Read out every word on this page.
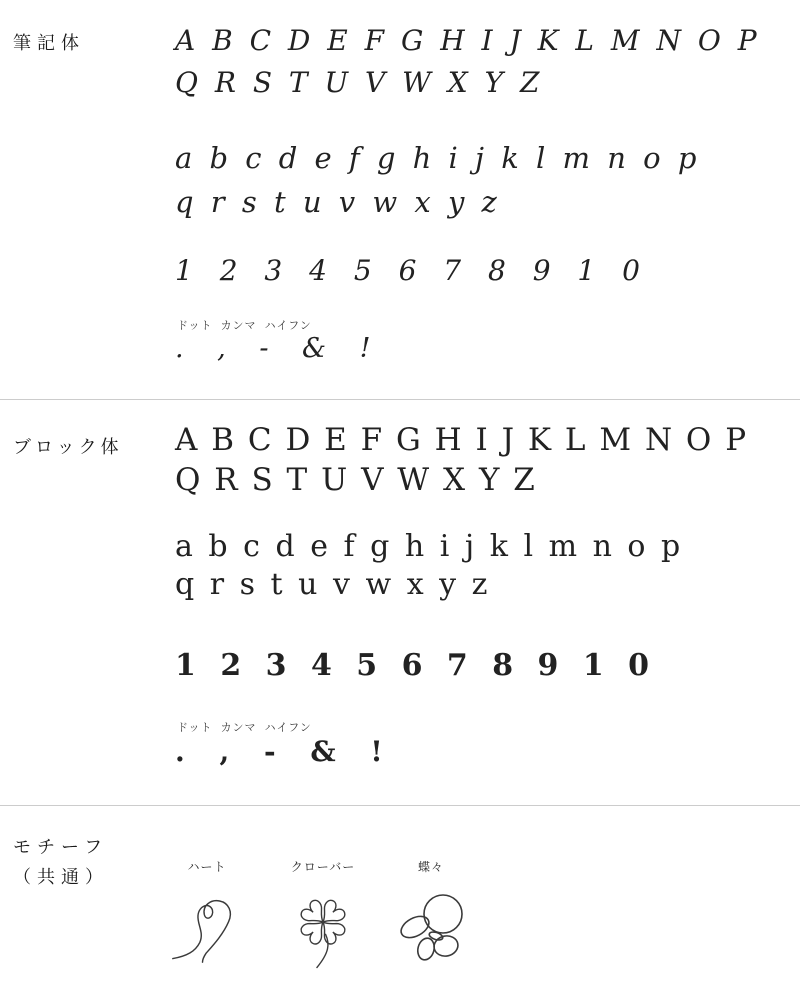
筆記体	A B C D E F G H I J K L M N O P
Q R S T U V W X Y Z
a b c d e f g h i j k l m n o p
q r s t u v w x y z
1 2 3 4 5 6 7 8 9 1 0
ドット カンマ ハイフン
. , - & !
ブロック体 A B C D E F G H I J K L M N O P
Q R S T U V W X Y Z
a b c d e f g h i j k l m n o p
q r s t u v w x y z
1 2 3 4 5 6 7 8 9 1 0
ドット カンマ ハイフン
. , - & !
モチーフ
（共通）	ハート	クローバー	蝶々
